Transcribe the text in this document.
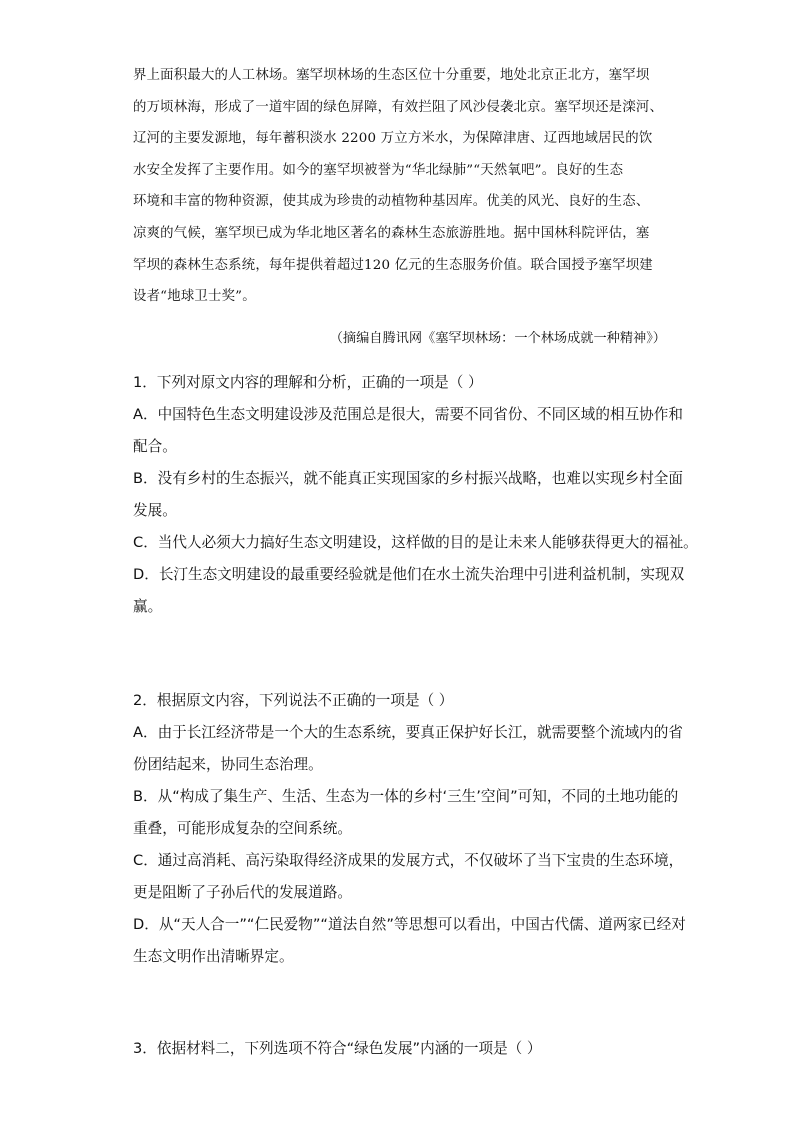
界上面积最大的人工林场。塞罕坝林场的生态区位十分重要，地处北京正北方，塞罕坝
的万顷林海，形成了一道牢固的绿色屏障，有效拦阻了风沙侵袭北京。塞罕坝还是滦河、
辽河的主要发源地，每年蓄积淡水 2200 万立方米水，为保障津唐、辽西地域居民的饮
水安全发挥了主要作用。如今的塞罕坝被誉为“华北绿肺”“天然氧吧”。良好的生态
环境和丰富的物种资源，使其成为珍贵的动植物种基因库。优美的风光、良好的生态、
凉爽的气候，塞罕坝已成为华北地区著名的森林生态旅游胜地。据中国林科院评估，塞
罕坝的森林生态系统，每年提供着超过120 亿元的生态服务价值。联合国授予塞罕坝建
设者“地球卫士奖”。
（摘编自腾讯网《塞罕坝林场：一个林场成就一种精神》）
1．下列对原文内容的理解和分析，正确的一项是（ ）
A．中国特色生态文明建设涉及范围总是很大，需要不同省份、不同区域的相互协作和
配合。
B．没有乡村的生态振兴，就不能真正实现国家的乡村振兴战略，也难以实现乡村全面
发展。
C．当代人必须大力搞好生态文明建设，这样做的目的是让未来人能够获得更大的福祉。
D．长汀生态文明建设的最重要经验就是他们在水土流失治理中引进利益机制，实现双
赢。
2．根据原文内容，下列说法不正确的一项是（ ）
A．由于长江经济带是一个大的生态系统，要真正保护好长江，就需要整个流域内的省
份团结起来，协同生态治理。
B．从“构成了集生产、生活、生态为一体的乡村‘三生’空间”可知，不同的土地功能的
重叠，可能形成复杂的空间系统。
C．通过高消耗、高污染取得经济成果的发展方式，不仅破坏了当下宝贵的生态环境，
更是阻断了子孙后代的发展道路。
D．从“天人合一”“仁民爱物”“道法自然”等思想可以看出，中国古代儒、道两家已经对
生态文明作出清晰界定。
3．依据材料二，下列选项不符合“绿色发展”内涵的一项是（ ）
